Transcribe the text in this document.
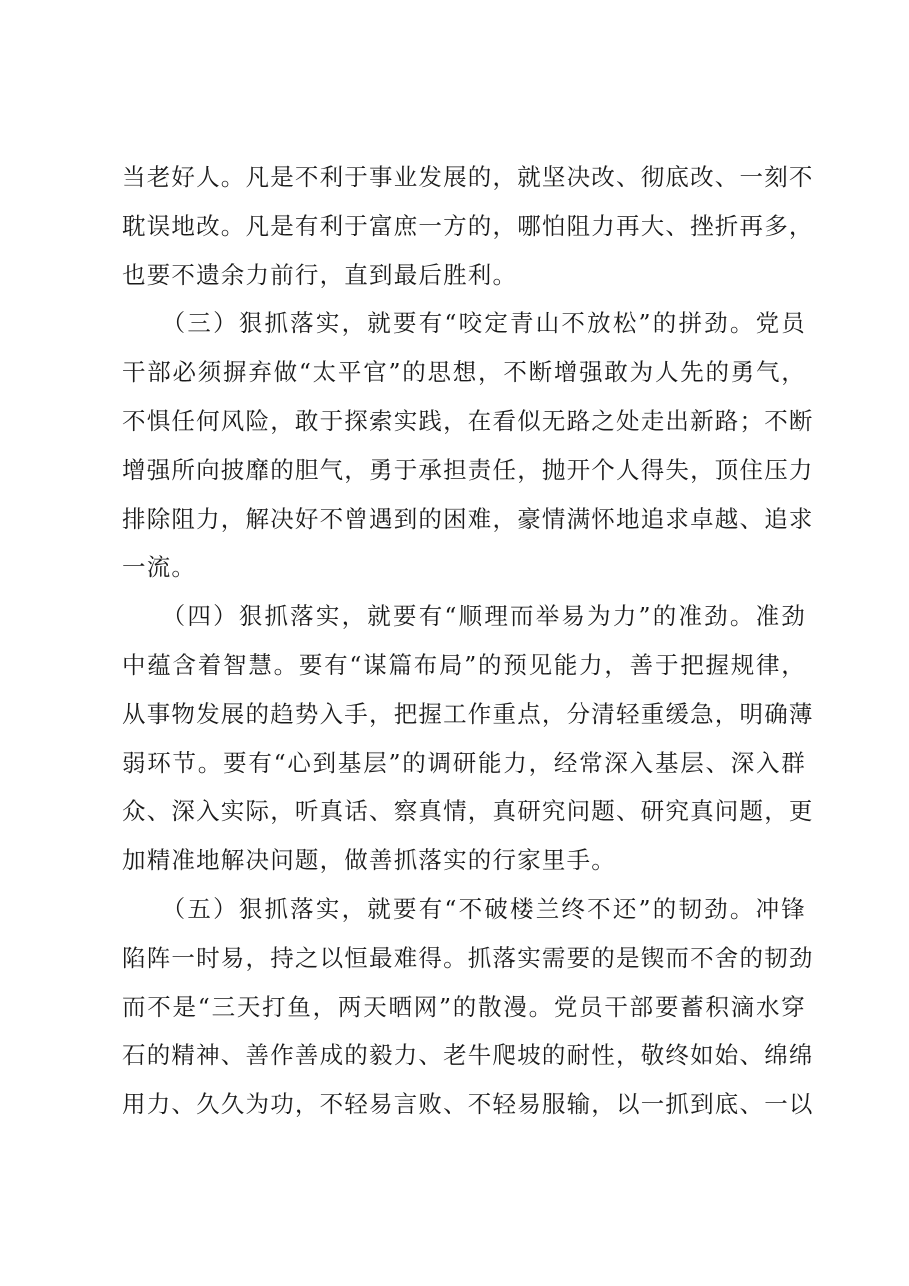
当老好人。凡是不利于事业发展的，就坚决改、彻底改、一刻不
耽误地改。凡是有利于富庶一方的，哪怕阻力再大、挫折再多，
也要不遗余力前行，直到最后胜利。
　　（三）狠抓落实，就要有“咬定青山不放松”的拼劲。党员
干部必须摒弃做“太平官”的思想，不断增强敢为人先的勇气，
不惧任何风险，敢于探索实践，在看似无路之处走出新路；不断
增强所向披靡的胆气，勇于承担责任，抛开个人得失，顶住压力
排除阻力，解决好不曾遇到的困难，豪情满怀地追求卓越、追求
一流。
　　（四）狠抓落实，就要有“顺理而举易为力”的准劲。准劲
中蕴含着智慧。要有“谋篇布局”的预见能力，善于把握规律，
从事物发展的趋势入手，把握工作重点，分清轻重缓急，明确薄
弱环节。要有“心到基层”的调研能力，经常深入基层、深入群
众、深入实际，听真话、察真情，真研究问题、研究真问题，更
加精准地解决问题，做善抓落实的行家里手。
　　（五）狠抓落实，就要有“不破楼兰终不还”的韧劲。冲锋
陷阵一时易，持之以恒最难得。抓落实需要的是锲而不舍的韧劲
而不是“三天打鱼，两天晒网”的散漫。党员干部要蓄积滴水穿
石的精神、善作善成的毅力、老牛爬坡的耐性，敬终如始、绵绵
用力、久久为功，不轻易言败、不轻易服输，以一抓到底、一以
